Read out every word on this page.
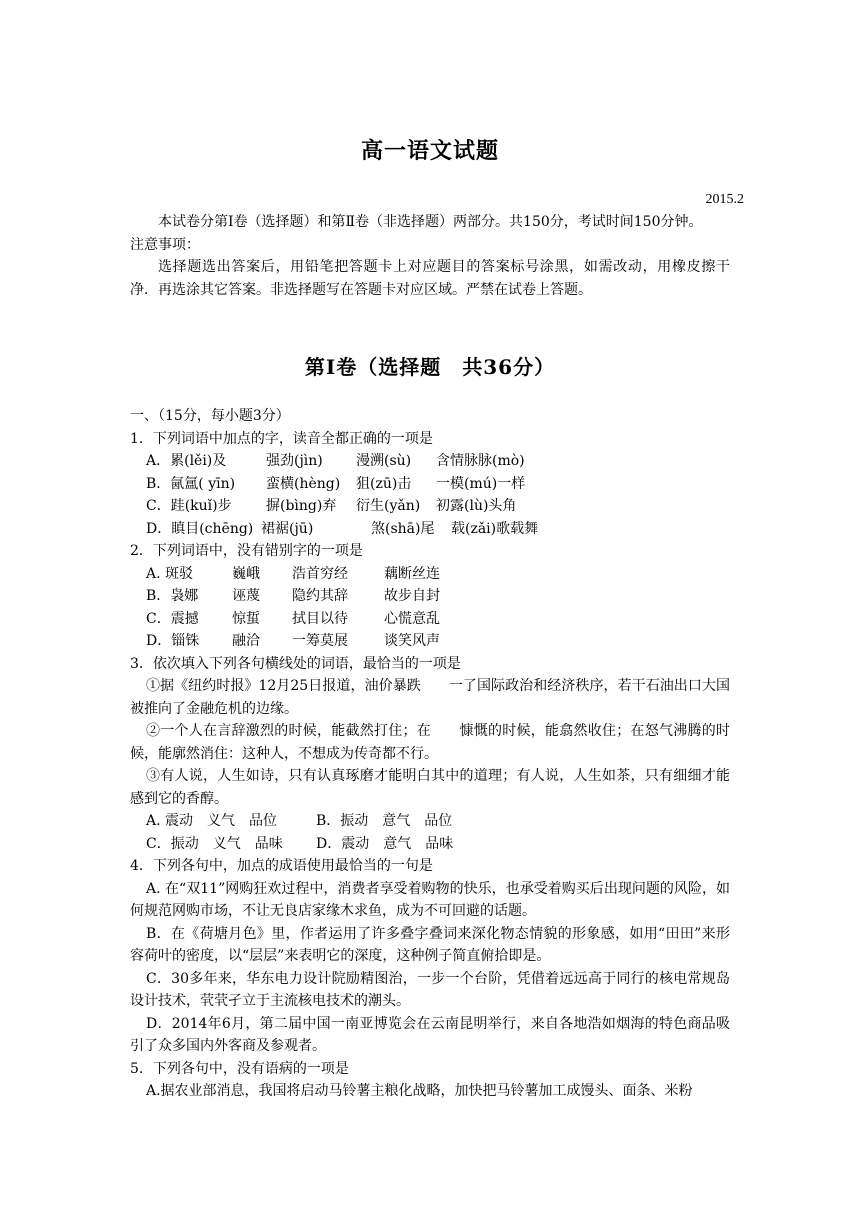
高一语文试题
2015.2

本试卷分第Ⅰ卷（选择题）和第Ⅱ卷（非选择题）两部分。共150分，考试时间150分钟。

注意事项：

选择题选出答案后，用铅笔把答题卡上对应题目的答案标号涂黑，如需改动，用橡皮擦干净．再选涂其它答案。非选择题写在答题卡对应区域。严禁在试卷上答题。

第Ⅰ卷（选择题　共36分）

一、（15分，每小题3分）

1．下列词语中加点的字，读音全都正确的一项是

A．累(lěi)及	强劲(jìn) 漫溯(sù) 含情脉脉(mò)
B．氤氲( yīn) 蛮横(hèng) 狙(zū)击 一模(mú)一样
C．跬(kuǐ)步 摒(bìng)弃 衍生(yǎn) 初露(lù)头角
D．瞋目(chēng) 裙裾(jū)	煞(shā)尾 载(zǎi)歌载舞

2．下列词语中，没有错别字的一项是

A. 斑驳	巍峨 浩首穷经	藕断丝连
B．袅娜 诬蔑 隐约其辞	故步自封
C．震撼 惊蜇 拭目以待	心慌意乱
D．锱铢 融洽 一筹莫展	谈笑风声

3．依次填入下列各句横线处的词语，最恰当的一项是

①据《纽约时报》12月25日报道，油价暴跌　　一了国际政治和经济秩序，若干石油出口大国被推向了金融危机的边缘。

②一个人在言辞激烈的时候，能截然打住；在　　慷慨的时候，能翕然收住；在怒气沸腾的时候，能廓然消住：这种人，不想成为传奇都不行。

③有人说，人生如诗，只有认真琢磨才能明白其中的道理；有人说，人生如茶，只有细细才能感到它的香醇。

A. 震动　义气　品位	B．振动　意气　品位
C．振动　义气　品味 D．震动　意气　品味

4．下列各句中，加点的成语使用最恰当的一句是

A. 在“双11”网购狂欢过程中，消费者享受着购物的快乐，也承受着购买后出现问题的风险，如何规范网购市场，不让无良店家缘木求鱼，成为不可回避的话题。

B．在《荷塘月色》里，作者运用了许多叠字叠词来深化物态情貌的形象感，如用“田田”来形容荷叶的密度，以“层层”来表明它的深度，这种例子简直俯拾即是。

C．30多年来，华东电力设计院励精图治，一步一个台阶，凭借着远远高于同行的核电常规岛设计技术，茕茕孑立于主流核电技术的潮头。

D．2014年6月，第二届中国一南亚博览会在云南昆明举行，来自各地浩如烟海的特色商品吸引了众多国内外客商及参观者。

5．下列各句中，没有语病的一项是

A.据农业部消息，我国将启动马铃薯主粮化战略，加快把马铃薯加工成馒头、面条、米粉
